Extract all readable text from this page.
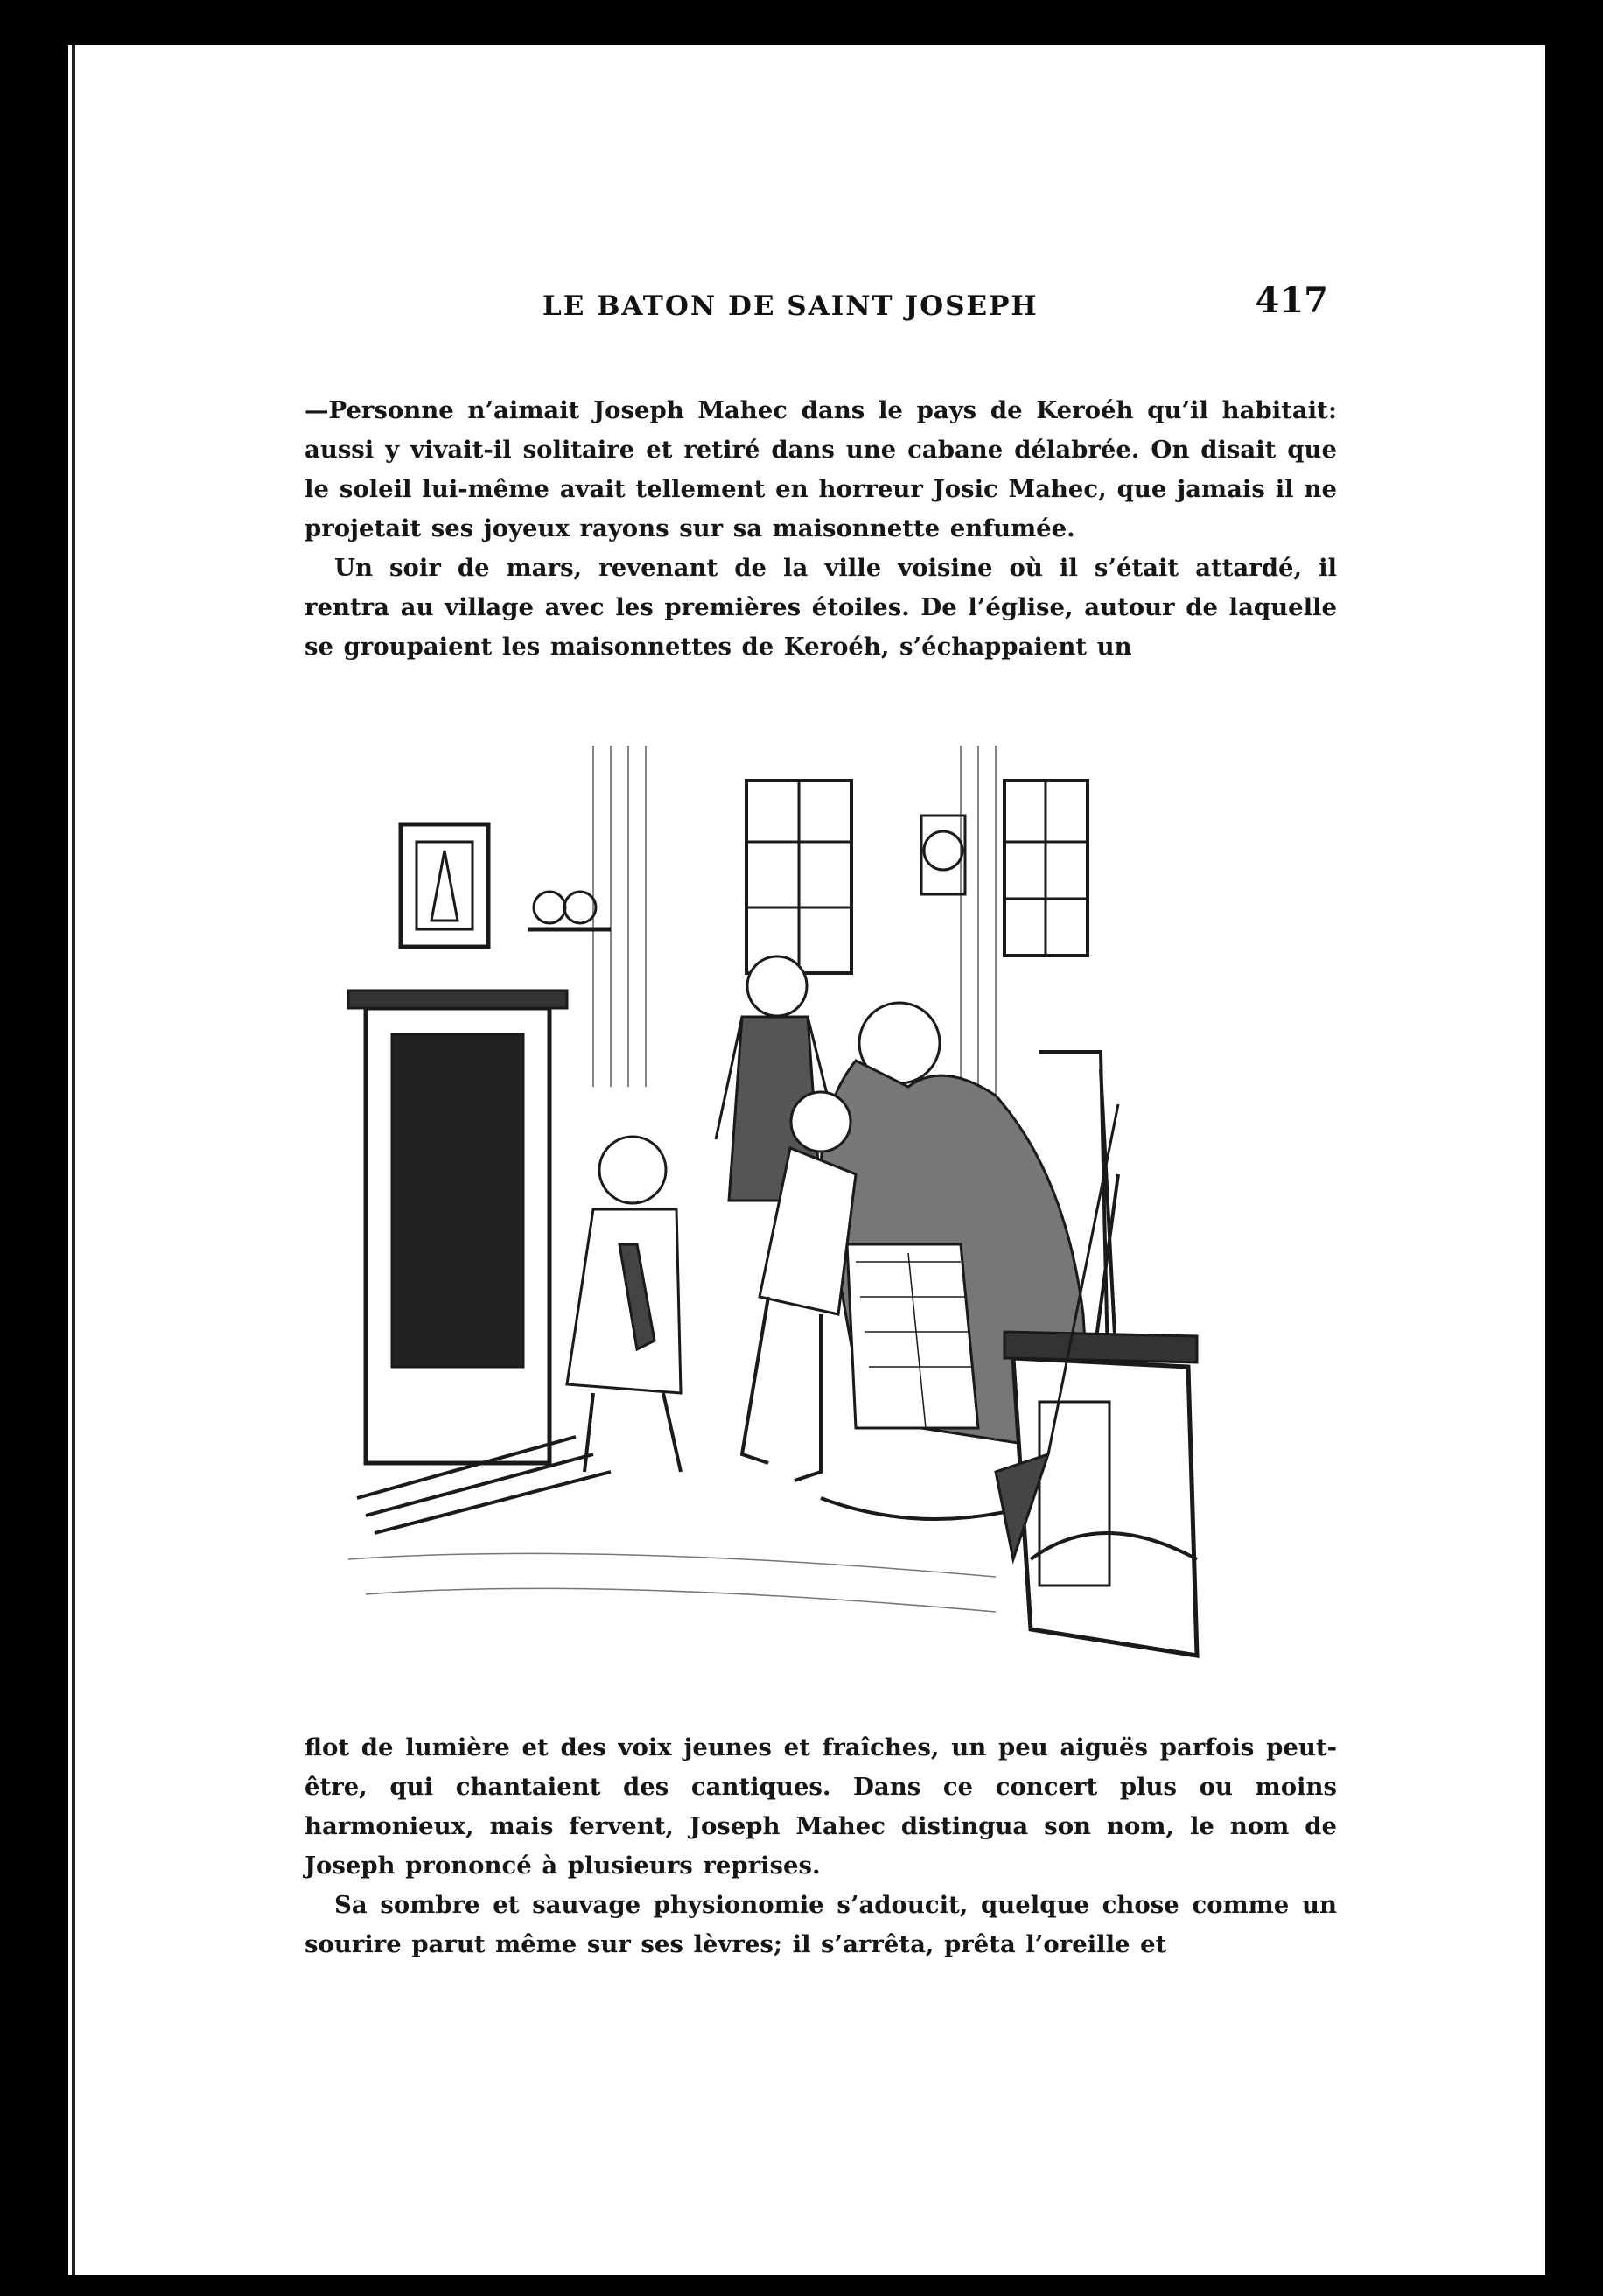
LE BATON DE SAINT JOSEPH	417

—Personne n’aimait Joseph Mahec dans le pays de Keroéh qu’il habitait: aussi y vivait-il solitaire et retiré dans une cabane délabrée. On disait que le soleil lui-même avait tellement en horreur Josic Mahec, que jamais il ne projetait ses joyeux rayons sur sa maisonnette enfumée.

Un soir de mars, revenant de la ville voisine où il s’était attardé, il rentra au village avec les premières étoiles. De l’église, autour de laquelle se groupaient les maisonnettes de Keroéh, s’échappaient un

flot de lumière et des voix jeunes et fraîches, un peu aiguës parfois peut-être, qui chantaient des cantiques. Dans ce concert plus ou moins harmonieux, mais fervent, Joseph Mahec distingua son nom, le nom de Joseph prononcé à plusieurs reprises.

Sa sombre et sauvage physionomie s’adoucit, quelque chose comme un sourire parut même sur ses lèvres; il s’arrêta, prêta l’oreille et
